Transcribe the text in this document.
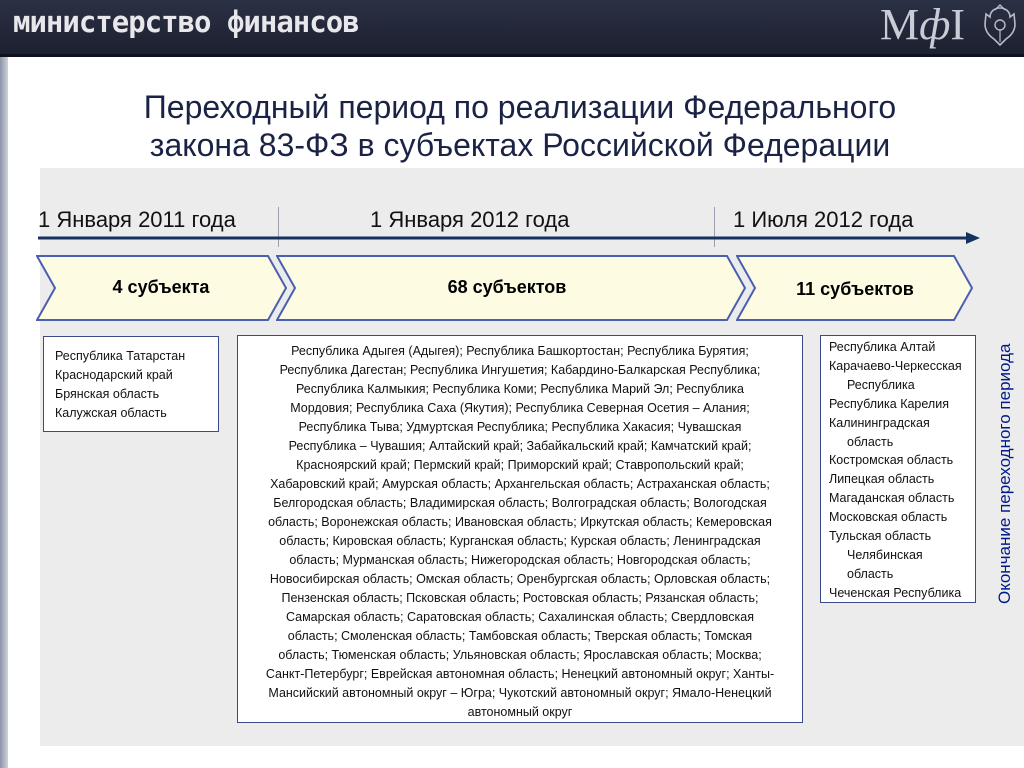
министерство финансов	МфI
Переходный период по реализации Федерального
закона 83-ФЗ в субъектах Российской Федерации
1 Января 2011 года	1 Января 2012 года	1 Июля 2012 года
4 субъекта	68 субъектов	11 субъектов
Республика Татарстан
Краснодарский край
Брянская область
Калужская область
Республика Адыгея (Адыгея); Республика Башкортостан; Республика Бурятия;
Республика Дагестан; Республика Ингушетия; Кабардино-Балкарская Республика;
Республика Калмыкия; Республика Коми; Республика Марий Эл; Республика
Мордовия; Республика Саха (Якутия); Республика Северная Осетия – Алания;
Республика Тыва; Удмуртская Республика; Республика Хакасия; Чувашская
Республика – Чувашия; Алтайский край; Забайкальский край; Камчатский край;
Красноярский край; Пермский край; Приморский край; Ставропольский край;
Хабаровский край; Амурская область; Архангельская область; Астраханская область;
Белгородская область; Владимирская область; Волгоградская область; Вологодская
область; Воронежская область; Ивановская область; Иркутская область; Кемеровская
область; Кировская область; Курганская область; Курская область; Ленинградская
область; Мурманская область; Нижегородская область; Новгородская область;
Новосибирская область; Омская область; Оренбургская область; Орловская область;
Пензенская область; Псковская область; Ростовская область; Рязанская область;
Самарская область; Саратовская область; Сахалинская область; Свердловская
область; Смоленская область; Тамбовская область; Тверская область; Томская
область; Тюменская область; Ульяновская область; Ярославская область; Москва;
Санкт-Петербург; Еврейская автономная область; Ненецкий автономный округ; Ханты-
Мансийский автономный округ – Югра; Чукотский автономный округ; Ямало-Ненецкий
автономный округ
Республика Алтай
Карачаево-Черкесская
Республика
Республика Карелия
Калининградская
область
Костромская область
Липецкая область
Магаданская область
Московская область
Тульская область
Челябинская
область
Чеченская Республика	Окончание переходного периода
